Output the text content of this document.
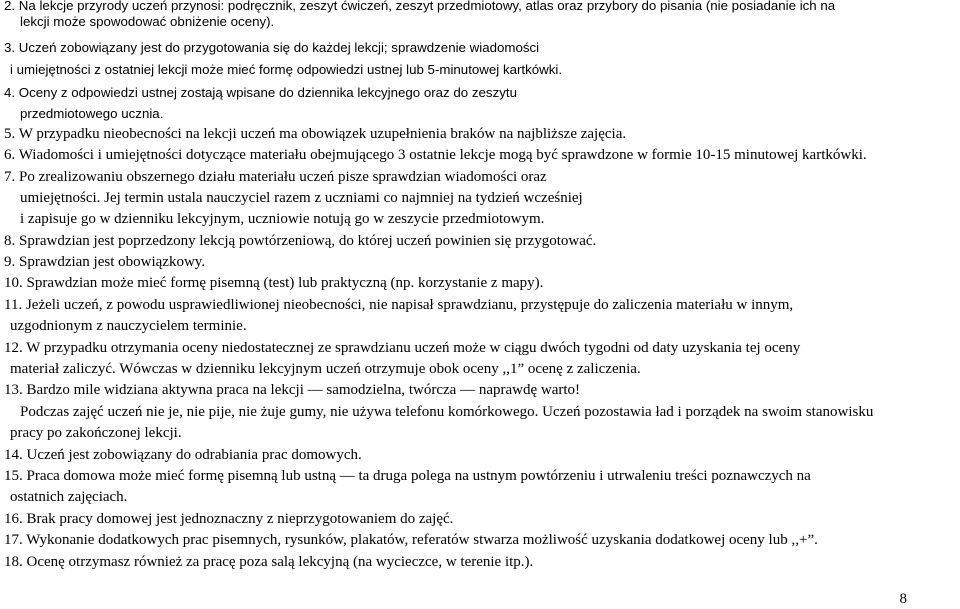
2. Na lekcje przyrody uczeń przynosi: podręcznik, zeszyt ćwiczeń, zeszyt przedmiotowy, atlas oraz przybory do pisania (nie posiadanie ich na

lekcji może spowodować obniżenie oceny).

3. Uczeń zobowiązany jest do przygotowania się do każdej lekcji; sprawdzenie wiadomości

i umiejętności z ostatniej lekcji może mieć formę odpowiedzi ustnej lub 5-minutowej kartkówki.

4. Oceny z odpowiedzi ustnej zostają wpisane do dziennika lekcyjnego oraz do zeszytu

przedmiotowego ucznia.

5. W przypadku nieobecności na lekcji uczeń ma obowiązek uzupełnienia braków na najbliższe zajęcia.

6. Wiadomości i umiejętności dotyczące materiału obejmującego 3 ostatnie lekcje mogą być sprawdzone w formie 10-15 minutowej kartkówki.

7. Po zrealizowaniu obszernego działu materiału uczeń pisze sprawdzian wiadomości oraz

umiejętności. Jej termin ustala nauczyciel razem z uczniami co najmniej na tydzień wcześniej

i zapisuje go w dzienniku lekcyjnym, uczniowie notują go w zeszycie przedmiotowym.

8. Sprawdzian jest poprzedzony lekcją powtórzeniową, do której uczeń powinien się przygotować.

9. Sprawdzian jest obowiązkowy.

10. Sprawdzian może mieć formę pisemną (test) lub praktyczną (np. korzystanie z mapy).

11. Jeżeli uczeń, z powodu usprawiedliwionej nieobecności, nie napisał sprawdzianu, przystępuje do zaliczenia materiału w innym,

uzgodnionym z nauczycielem terminie.

12. W przypadku otrzymania oceny niedostatecznej ze sprawdzianu uczeń może w ciągu dwóch tygodni od daty uzyskania tej oceny

materiał zaliczyć. Wówczas w dzienniku lekcyjnym uczeń otrzymuje obok oceny ,,1” ocenę z zaliczenia.

13. Bardzo mile widziana aktywna praca na lekcji — samodzielna, twórcza — naprawdę warto!

Podczas zajęć uczeń nie je, nie pije, nie żuje gumy, nie używa telefonu komórkowego. Uczeń pozostawia ład i porządek na swoim stanowisku

pracy po zakończonej lekcji.

14. Uczeń jest zobowiązany do odrabiania prac domowych.

15. Praca domowa może mieć formę pisemną lub ustną — ta druga polega na ustnym powtórzeniu i utrwaleniu treści poznawczych na

ostatnich zajęciach.

16. Brak pracy domowej jest jednoznaczny z nieprzygotowaniem do zajęć.

17. Wykonanie dodatkowych prac pisemnych, rysunków, plakatów, referatów stwarza możliwość uzyskania dodatkowej oceny lub ,,+”.

18. Ocenę otrzymasz również za pracę poza salą lekcyjną (na wycieczce, w terenie itp.).

8
